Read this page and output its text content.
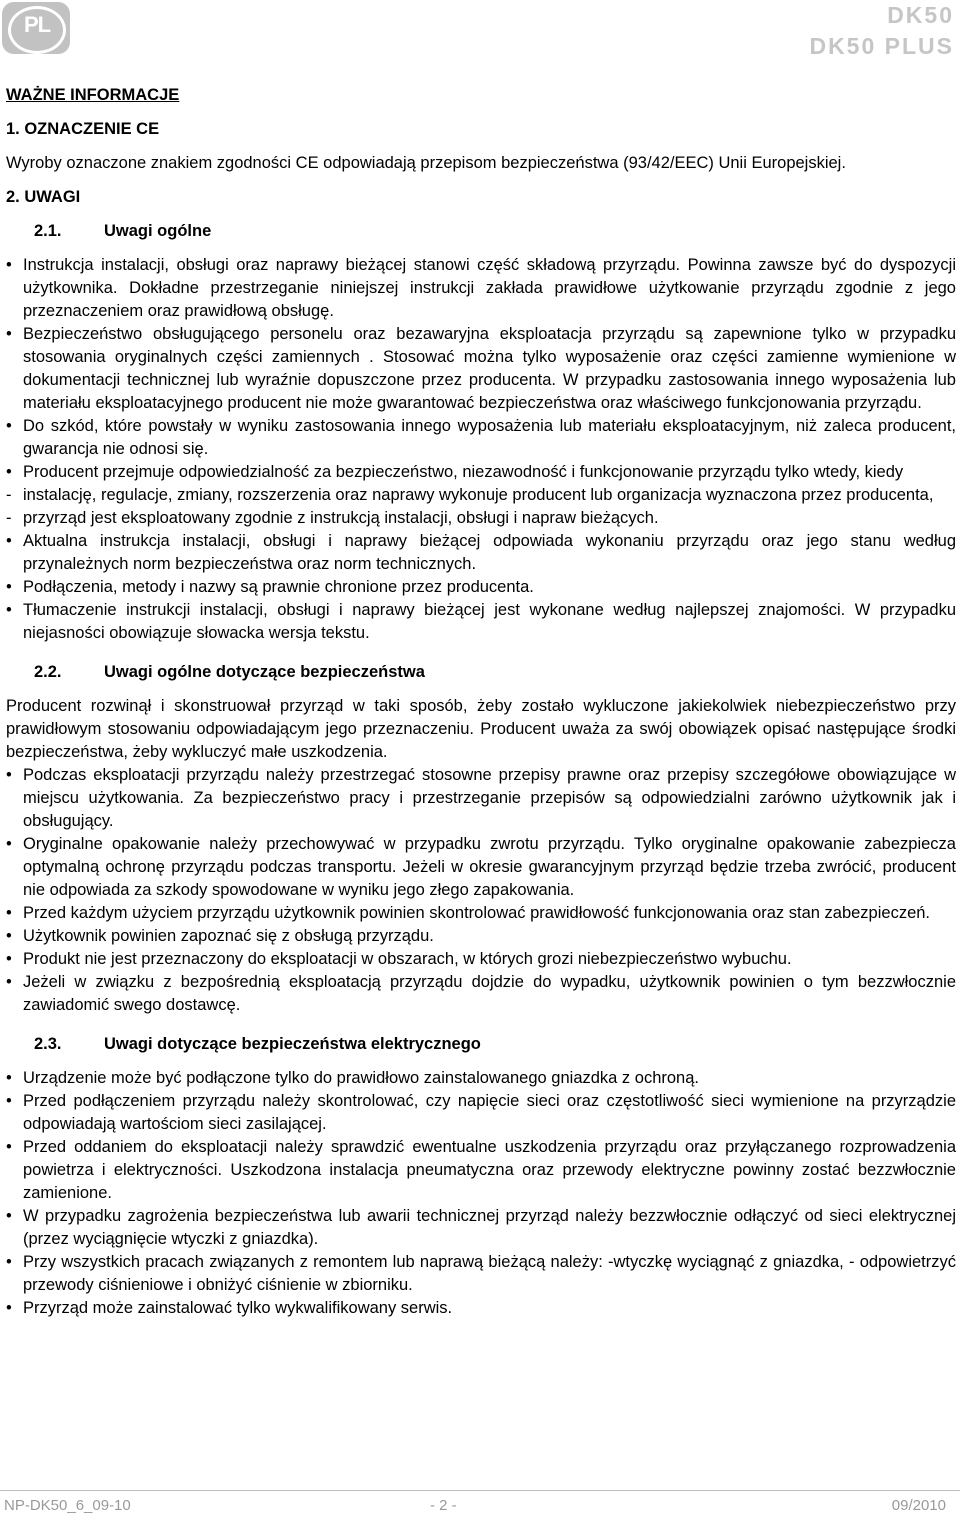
PL	DK50
DK50 PLUS
WAŻNE INFORMACJE
1. OZNACZENIE CE

Wyroby oznaczone znakiem zgodności CE odpowiadają przepisom bezpieczeństwa (93/42/EEC) Unii Europejskiej.

2. UWAGI
2.1.	Uwagi ogólne
• Instrukcja instalacji, obsługi oraz naprawy bieżącej stanowi część składową przyrządu. Powinna zawsze być do dyspozycji użytkownika. Dokładne przestrzeganie niniejszej instrukcji zakłada prawidłowe użytkowanie przyrządu zgodnie z jego przeznaczeniem oraz prawidłową obsługę.
• Bezpieczeństwo obsługującego personelu oraz bezawaryjna eksploatacja przyrządu są zapewnione tylko w przypadku stosowania oryginalnych części zamiennych . Stosować można tylko wyposażenie oraz części zamienne wymienione w dokumentacji technicznej lub wyraźnie dopuszczone przez producenta. W przypadku zastosowania innego wyposażenia lub materiału eksploatacyjnego producent nie może gwarantować bezpieczeństwa oraz właściwego funkcjonowania przyrządu.
• Do szkód, które powstały w wyniku zastosowania innego wyposażenia lub materiału eksploatacyjnym, niż zaleca producent, gwarancja nie odnosi się.
• Producent przejmuje odpowiedzialność za bezpieczeństwo, niezawodność i funkcjonowanie przyrządu tylko wtedy, kiedy
- instalację, regulacje, zmiany, rozszerzenia oraz naprawy wykonuje producent lub organizacja wyznaczona przez producenta,
- przyrząd jest eksploatowany zgodnie z instrukcją instalacji, obsługi i napraw bieżących.
• Aktualna instrukcja instalacji, obsługi i naprawy bieżącej odpowiada wykonaniu przyrządu oraz jego stanu według przynależnych norm bezpieczeństwa oraz norm technicznych.
• Podłączenia, metody i nazwy są prawnie chronione przez producenta.
• Tłumaczenie instrukcji instalacji, obsługi i naprawy bieżącej jest wykonane według najlepszej znajomości. W przypadku niejasności obowiązuje słowacka wersja tekstu.
2.2.	Uwagi ogólne dotyczące bezpieczeństwa

Producent rozwinął i skonstruował przyrząd w taki sposób, żeby zostało wykluczone jakiekolwiek niebezpieczeństwo przy prawidłowym stosowaniu odpowiadającym jego przeznaczeniu. Producent uważa za swój obowiązek opisać następujące środki bezpieczeństwa, żeby wykluczyć małe uszkodzenia.

• Podczas eksploatacji przyrządu należy przestrzegać stosowne przepisy prawne oraz przepisy szczegółowe obowiązujące w miejscu użytkowania. Za bezpieczeństwo pracy i przestrzeganie przepisów są odpowiedzialni zarówno użytkownik jak i obsługujący.
• Oryginalne opakowanie należy przechowywać w przypadku zwrotu przyrządu. Tylko oryginalne opakowanie zabezpiecza optymalną ochronę przyrządu podczas transportu. Jeżeli w okresie gwarancyjnym przyrząd będzie trzeba zwrócić, producent nie odpowiada za szkody spowodowane w wyniku jego złego zapakowania.
• Przed każdym użyciem przyrządu użytkownik powinien skontrolować prawidłowość funkcjonowania oraz stan zabezpieczeń.
• Użytkownik powinien zapoznać się z obsługą przyrządu.
• Produkt nie jest przeznaczony do eksploatacji w obszarach, w których grozi niebezpieczeństwo wybuchu.
• Jeżeli w związku z bezpośrednią eksploatacją przyrządu dojdzie do wypadku, użytkownik powinien o tym bezzwłocznie zawiadomić swego dostawcę.
2.3.	Uwagi dotyczące bezpieczeństwa elektrycznego
• Urządzenie może być podłączone tylko do prawidłowo zainstalowanego gniazdka z ochroną.
• Przed podłączeniem przyrządu należy skontrolować, czy napięcie sieci oraz częstotliwość sieci wymienione na przyrządzie odpowiadają wartościom sieci zasilającej.
• Przed oddaniem do eksploatacji należy sprawdzić ewentualne uszkodzenia przyrządu oraz przyłączanego rozprowadzenia powietrza i elektryczności. Uszkodzona instalacja pneumatyczna oraz przewody elektryczne powinny zostać bezzwłocznie zamienione.
• W przypadku zagrożenia bezpieczeństwa lub awarii technicznej przyrząd należy bezzwłocznie odłączyć od sieci elektrycznej (przez wyciągnięcie wtyczki z gniazdka).
• Przy wszystkich pracach związanych z remontem lub naprawą bieżącą należy: -wtyczkę wyciągnąć z gniazdka, - odpowietrzyć przewody ciśnieniowe i obniżyć ciśnienie w zbiorniku.
• Przyrząd może zainstalować tylko wykwalifikowany serwis.
NP-DK50_6_09-10	- 2 -	09/2010
